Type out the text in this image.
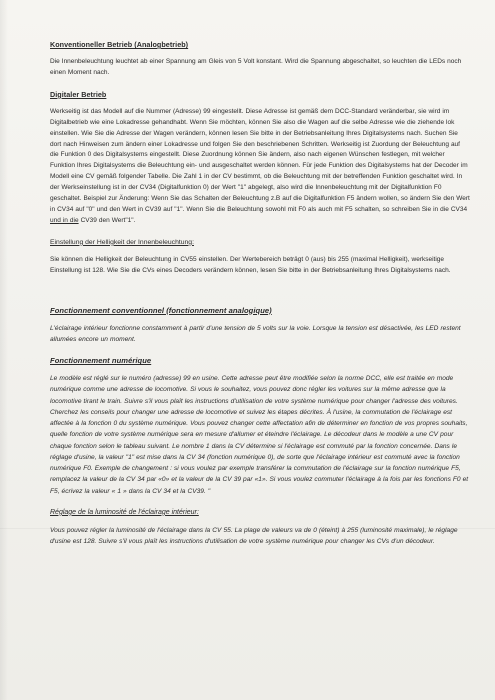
Konventioneller Betrieb (Analogbetrieb)

Die Innenbeleuchtung leuchtet ab einer Spannung am Gleis von 5 Volt konstant. Wird die Spannung abgeschaltet, so leuchten die LEDs noch einen Moment nach.

Digitaler Betrieb

Werkseitig ist das Modell auf die Nummer (Adresse) 99 eingestellt. Diese Adresse ist gemäß dem DCC-Standard veränderbar, sie wird im Digitalbetrieb wie eine Lokadresse gehandhabt. Wenn Sie möchten, können Sie also die Wagen auf die selbe Adresse wie die ziehende lok einstellen. Wie Sie die Adresse der Wagen verändern, können lesen Sie bitte in der Betriebsanleitung Ihres Digitalsystems nach. Suchen Sie dort nach Hinweisen zum ändern einer Lokadresse und folgen Sie den beschriebenen Schritten. Werkseitig ist Zuordung der Beleuchtung auf die Funktion 0 des Digitalsystems eingestellt. Diese Zuordnung können Sie ändern, also nach eigenen Wünschen festlegen, mit welcher Funktion Ihres Digitalsystems die Beleuchtung ein- und ausgeschaltet werden können. Für jede Funktion des Digitalsystems hat der Decoder im Modell eine CV gemäß folgender Tabelle. Die Zahl 1 in der CV bestimmt, ob die Beleuchtung mit der betreffenden Funktion geschaltet wird. In der Werkseinstellung ist in der CV34 (Digitalfunktion 0) der Wert "1" abgelegt, also wird die Innenbeleuchtung mit der Digitalfunktion F0 geschaltet. Beispiel zur Änderung: Wenn Sie das Schalten der Beleuchtung z.B auf die Digitalfunktion F5 ändern wollen, so ändern Sie den Wert in CV34 auf "0" und den Wert in CV39 auf "1". Wenn Sie die Beleuchtung sowohl mit F0 als auch mit F5 schalten, so schreiben Sie in die CV34 und in die CV39 den Wert"1".

Einstellung der Helligkeit der Innenbeleuchtung:

Sie können die Helligkeit der Beleuchtung in CV55 einstellen. Der Wertebereich beträgt 0 (aus) bis 255 (maximal Helligkeit), werkseitige Einstellung ist 128. Wie Sie die CVs eines Decoders verändern können, lesen Sie bitte in der Betriebsanleitung Ihres Digitalsystems nach.

Fonctionnement conventionnel (fonctionnement analogique)

L'éclairage intérieur fonctionne constamment à partir d'une tension de 5 volts sur la voie. Lorsque la tension est désactivée, les LED restent allumées encore un moment.

Fonctionnement numérique

Le modèle est réglé sur le numéro (adresse) 99 en usine. Cette adresse peut être modifiée selon la norme DCC, elle est traitée en mode numérique comme une adresse de locomotive. Si vous le souhaitez, vous pouvez donc régler les voitures sur la même adresse que la locomotive tirant le train. Suivre s'il vous plaît les instructions d'utilisation de votre système numérique pour changer l'adresse des voitures. Cherchez les conseils pour changer une adresse de locomotive et suivez les étapes décrites. À l'usine, la commutation de l'éclairage est affectée à la fonction 0 du système numérique. Vous pouvez changer cette affectation afin de déterminer en fonction de vos propres souhaits, quelle fonction de votre système numérique sera en mesure d'allumer et éteindre l'éclairage. Le décodeur dans le modèle a une CV pour chaque fonction selon le tableau suivant. Le nombre 1 dans la CV détermine si l'éclairage est commuté par la fonction concernée. Dans le réglage d'usine, la valeur "1" est mise dans la CV 34 (fonction numérique 0), de sorte que l'éclairage intérieur est commuté avec la fonction numérique F0. Exemple de changement : si vous voulez par exemple transférer la commutation de l'éclairage sur la fonction numérique F5, remplacez la valeur de la CV 34 par «0» et la valeur de la CV 39 par «1». Si vous voulez commuter l'éclairage à la fois par les fonctions F0 et F5, écrivez la valeur « 1 » dans la CV 34 et la CV39. "

Réglage de la luminosité de l'éclairage intérieur:

Vous pouvez régler la luminosité de l'éclairage dans la CV 55. La plage de valeurs va de 0 (éteint) à 255 (luminosité maximale), le réglage d'usine est 128. Suivre s'il vous plaît les instructions d'utilisation de votre système numérique pour changer les CVs d'un décodeur.
